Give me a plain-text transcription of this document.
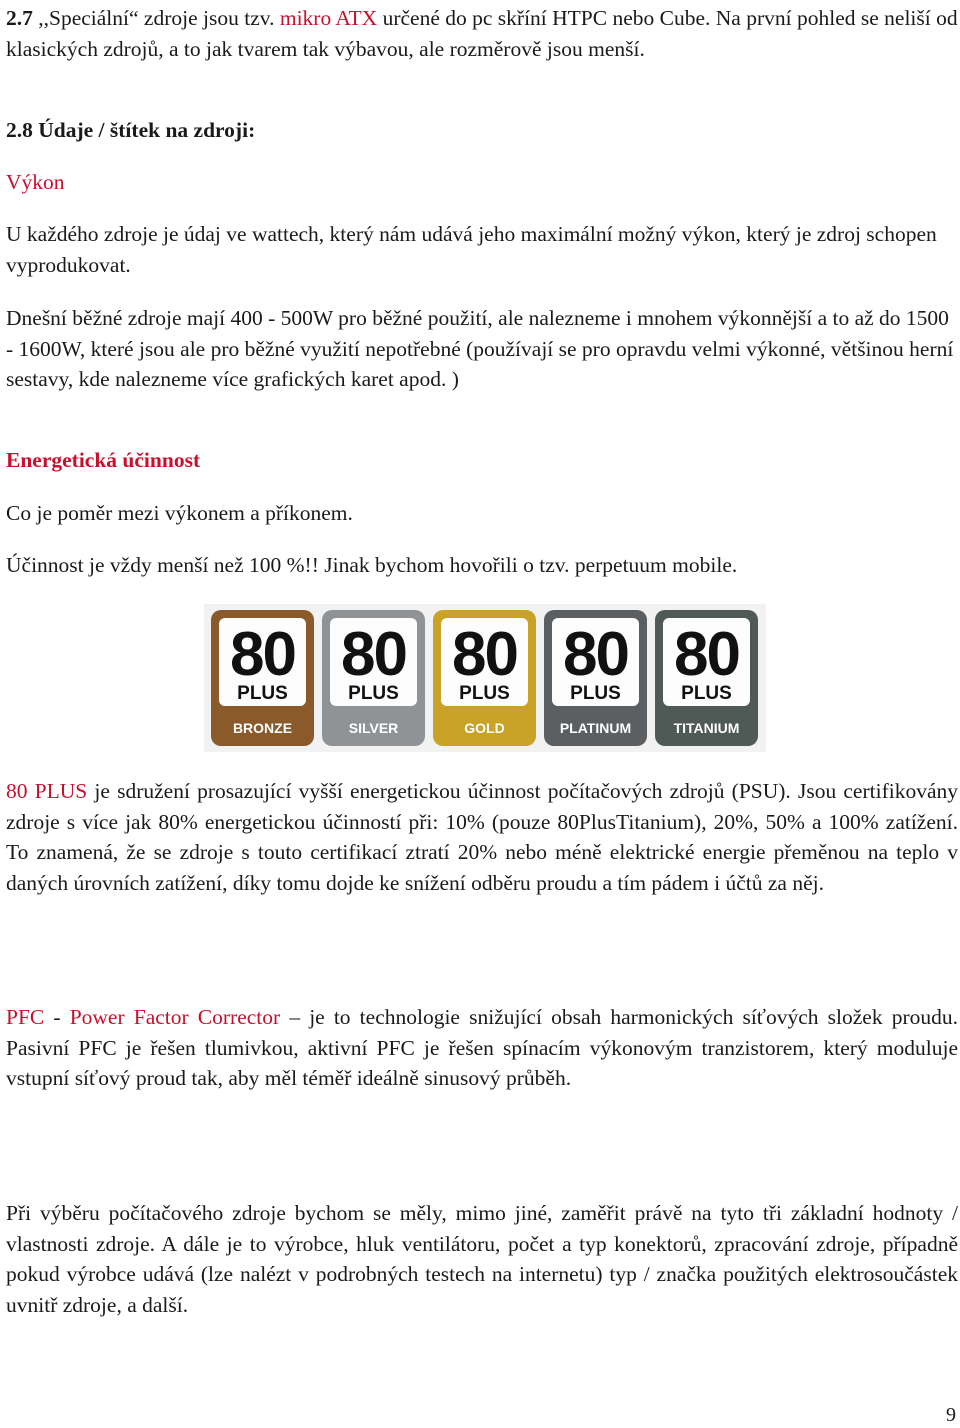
2.7 ,,Speciální“ zdroje jsou tzv. mikro ATX určené do pc skříní HTPC nebo Cube. Na první pohled se neliší od klasických zdrojů, a to jak tvarem tak výbavou, ale rozměrově jsou menší.

2.8 Údaje / štítek na zdroji:

Výkon

U každého zdroje je údaj ve wattech, který nám udává jeho maximální možný výkon, který je zdroj schopen vyprodukovat.

Dnešní běžné zdroje mají 400 - 500W pro běžné použití, ale nalezneme i mnohem výkonnější a to až do 1500 - 1600W, které jsou ale pro běžné využití nepotřebné (používají se pro opravdu velmi výkonné, většinou herní sestavy, kde nalezneme více grafických karet apod. )

Energetická účinnost

Co je poměr mezi výkonem a příkonem.

Účinnost je vždy menší než 100 %!! Jinak bychom hovořili o tzv. perpetuum mobile.

80
PLUS
BRONZE
80
PLUS
SILVER
80
PLUS
GOLD
80
PLUS
PLATINUM
80
PLUS
TITANIUM

80 PLUS je sdružení prosazující vyšší energetickou účinnost počítačových zdrojů (PSU). Jsou certifikovány zdroje s více jak 80% energetickou účinností při: 10% (pouze 80PlusTitanium), 20%, 50% a 100% zatížení. To znamená, že se zdroje s touto certifikací ztratí 20% nebo méně elektrické energie přeměnou na teplo v daných úrovních zatížení, díky tomu dojde ke snížení odběru proudu a tím pádem i účtů za něj.

PFC - Power Factor Corrector – je to technologie snižující obsah harmonických síťových složek proudu. Pasivní PFC je řešen tlumivkou, aktivní PFC je řešen spínacím výkonovým tranzistorem, který moduluje vstupní síťový proud tak, aby měl téměř ideálně sinusový průběh.

Při výběru počítačového zdroje bychom se měly, mimo jiné, zaměřit právě na tyto tři základní hodnoty / vlastnosti zdroje. A dále je to výrobce, hluk ventilátoru, počet a typ konektorů, zpracování zdroje, případně pokud výrobce udává (lze nalézt v podrobných testech na internetu) typ / značka použitých elektrosoučástek uvnitř zdroje, a další.

9
